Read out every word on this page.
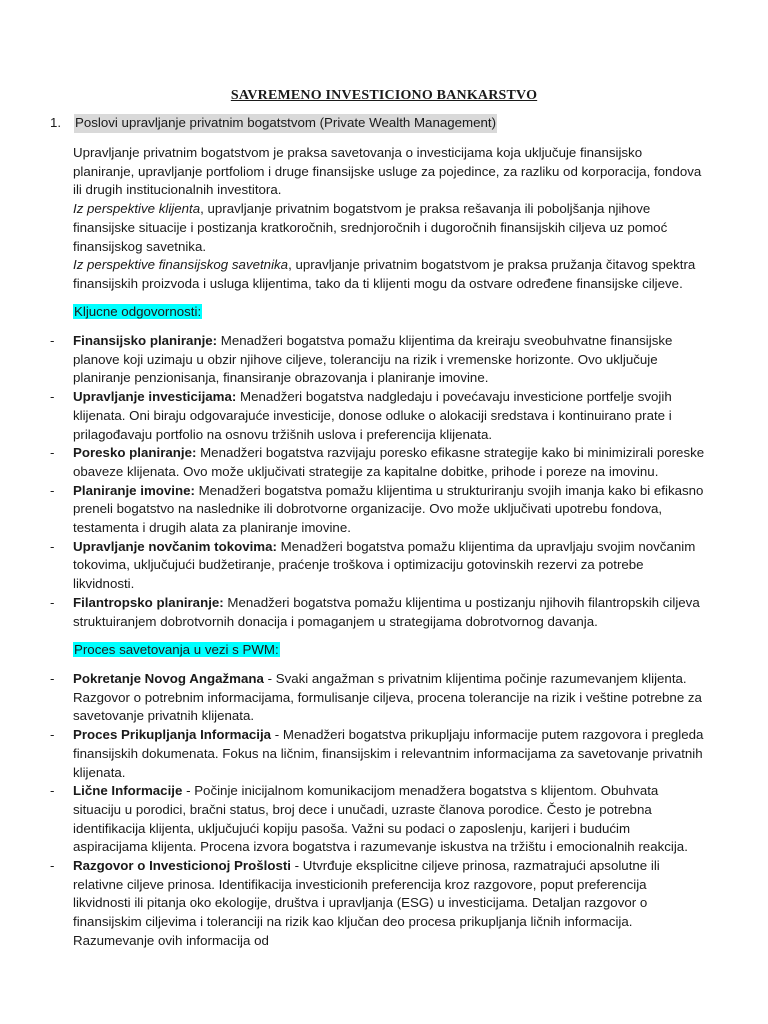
SAVREMENO INVESTICIONO BANKARSTVO
1.	Poslovi upravljanje privatnim bogatstvom (Private Wealth Management)

Upravljanje privatnim bogatstvom je praksa savetovanja o investicijama koja uključuje finansijsko planiranje, upravljanje portfoliom i druge finansijske usluge za pojedince, za razliku od korporacija, fondova ili drugih institucionalnih investitora.

Iz perspektive klijenta, upravljanje privatnim bogatstvom je praksa rešavanja ili poboljšanja njihove finansijske situacije i postizanja kratkoročnih, srednjoročnih i dugoročnih finansijskih ciljeva uz pomoć finansijskog savetnika.

Iz perspektive finansijskog savetnika, upravljanje privatnim bogatstvom je praksa pružanja čitavog spektra finansijskih proizvoda i usluga klijentima, tako da ti klijenti mogu da ostvare određene finansijske ciljeve.

Kljucne odgovornosti:
- Finansijsko planiranje: Menadžeri bogatstva pomažu klijentima da kreiraju sveobuhvatne finansijske planove koji uzimaju u obzir njihove ciljeve, toleranciju na rizik i vremenske horizonte. Ovo uključuje planiranje penzionisanja, finansiranje obrazovanja i planiranje imovine.
- Upravljanje investicijama: Menadžeri bogatstva nadgledaju i povećavaju investicione portfelje svojih klijenata. Oni biraju odgovarajuće investicije, donose odluke o alokaciji sredstava i kontinuirano prate i prilagođavaju portfolio na osnovu tržišnih uslova i preferencija klijenata.
- Poresko planiranje: Menadžeri bogatstva razvijaju poresko efikasne strategije kako bi minimizirali poreske obaveze klijenata. Ovo može uključivati strategije za kapitalne dobitke, prihode i poreze na imovinu.
- Planiranje imovine: Menadžeri bogatstva pomažu klijentima u strukturiranju svojih imanja kako bi efikasno preneli bogatstvo na naslednike ili dobrotvorne organizacije. Ovo može uključivati upotrebu fondova, testamenta i drugih alata za planiranje imovine.
- Upravljanje novčanim tokovima: Menadžeri bogatstva pomažu klijentima da upravljaju svojim novčanim tokovima, uključujući budžetiranje, praćenje troškova i optimizaciju gotovinskih rezervi za potrebe likvidnosti.
- Filantropsko planiranje: Menadžeri bogatstva pomažu klijentima u postizanju njihovih filantropskih ciljeva struktuiranjem dobrotvornih donacija i pomaganjem u strategijama dobrotvornog davanja.
Proces savetovanja u vezi s PWM:
- Pokretanje Novog Angažmana - Svaki angažman s privatnim klijentima počinje razumevanjem klijenta. Razgovor o potrebnim informacijama, formulisanje ciljeva, procena tolerancije na rizik i veštine potrebne za savetovanje privatnih klijenata.
- Proces Prikupljanja Informacija - Menadžeri bogatstva prikupljaju informacije putem razgovora i pregleda finansijskih dokumenata. Fokus na ličnim, finansijskim i relevantnim informacijama za savetovanje privatnih klijenata.
- Lične Informacije - Počinje inicijalnom komunikacijom menadžera bogatstva s klijentom. Obuhvata situaciju u porodici, bračni status, broj dece i unučadi, uzraste članova porodice. Često je potrebna identifikacija klijenta, uključujući kopiju pasoša. Važni su podaci o zaposlenju, karijeri i budućim aspiracijama klijenta. Procena izvora bogatstva i razumevanje iskustva na tržištu i emocionalnih reakcija.
- Razgovor o Investicionoj Prošlosti - Utvrđuje eksplicitne ciljeve prinosa, razmatrajući apsolutne ili relativne ciljeve prinosa. Identifikacija investicionih preferencija kroz razgovore, poput preferencija likvidnosti ili pitanja oko ekologije, društva i upravljanja (ESG) u investicijama. Detaljan razgovor o finansijskim ciljevima i toleranciji na rizik kao ključan deo procesa prikupljanja ličnih informacija. Razumevanje ovih informacija od
